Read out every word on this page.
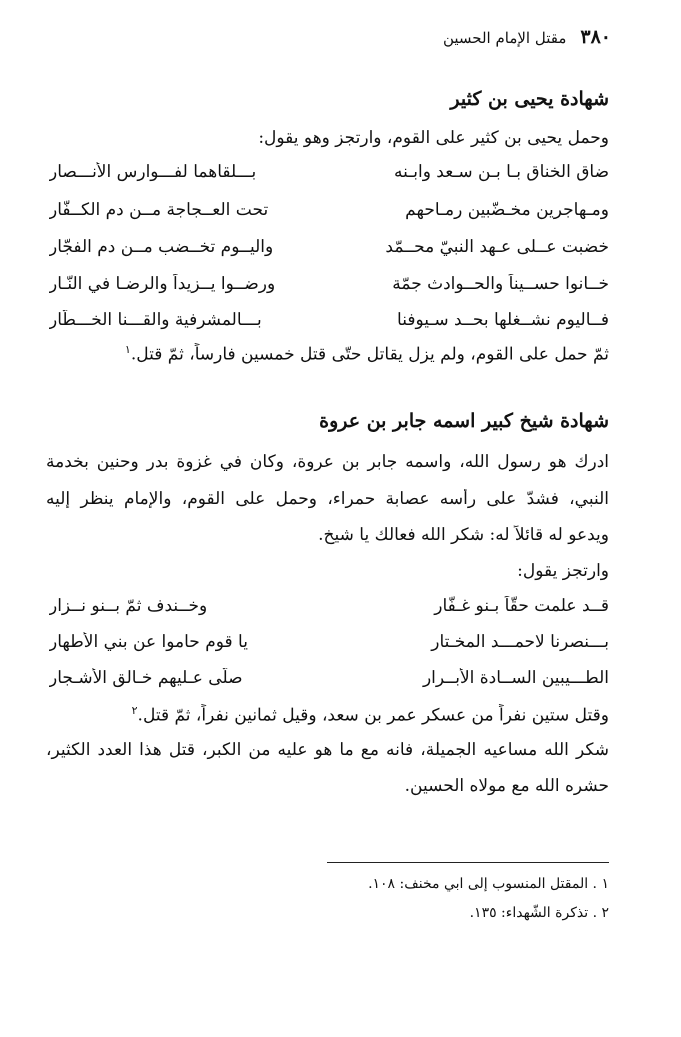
٣٨٠
مقتل الإمام الحسين
شهادة يحيى بن كثير
وحمل يحيى بن كثير على القوم، وارتجز وهو يقول:
ضاق الخناق بـا بـن سـعد وابـنه
بـــلقاهما لفـــوارس الأنـــصار
ومـهاجرين مخـضّبين رمـاحهم
تحت العــجاجة مــن دم الكــفّار
خضبت عــلى عـهد النبيّ محــمّد
واليــوم تخــضب مــن دم الفجّار
خــانوا حســيناً والحــوادث جمّة
ورضــوا يــزيداً والرضـا في النّـار
فــاليوم نشــغلها بحــد سـيوفنا
بـــالمشرفية والقـــنا الخـــطّار
ثمّ حمل على القوم، ولم يزل يقاتل حتّى قتل خمسين فارساً، ثمّ قتل.$^١$
شهادة شيخ كبير اسمه جابر بن عروة
ادرك هو رسول الله، واسمه جابر بن عروة، وكان في غزوة بدر وحنين بخدمة
النبي، فشدّ على رأسه عصابة حمراء، وحمل على القوم، والإمام ينظر إليه
ويدعو له قائلاً له: شكر الله فعالك يا شيخ.
وارتجز يقول:
قــد علمت حقّاً بـنو غـفّار
وخــندف ثمّ بــنو نــزار
بـــنصرنا لاحمـــد المخـتار
يا قوم حاموا عن بني الأطهار
الطـــيبين الســادة الأبــرار
صلّى عـليهم خـالق الأشـجار
وقتل ستين نفراً من عسكر عمر بن سعد، وقيل ثمانين نفراً، ثمّ قتل.$^٢$
شكر الله مساعيه الجميلة، فانه مع ما هو عليه من الكبر، قتل هذا العدد الكثير،
حشره الله مع مولاه الحسين.
١ . المقتل المنسوب إلى ابي مخنف: ١٠٨.
٢ . تذكرة الشّهداء: ١٣٥.
